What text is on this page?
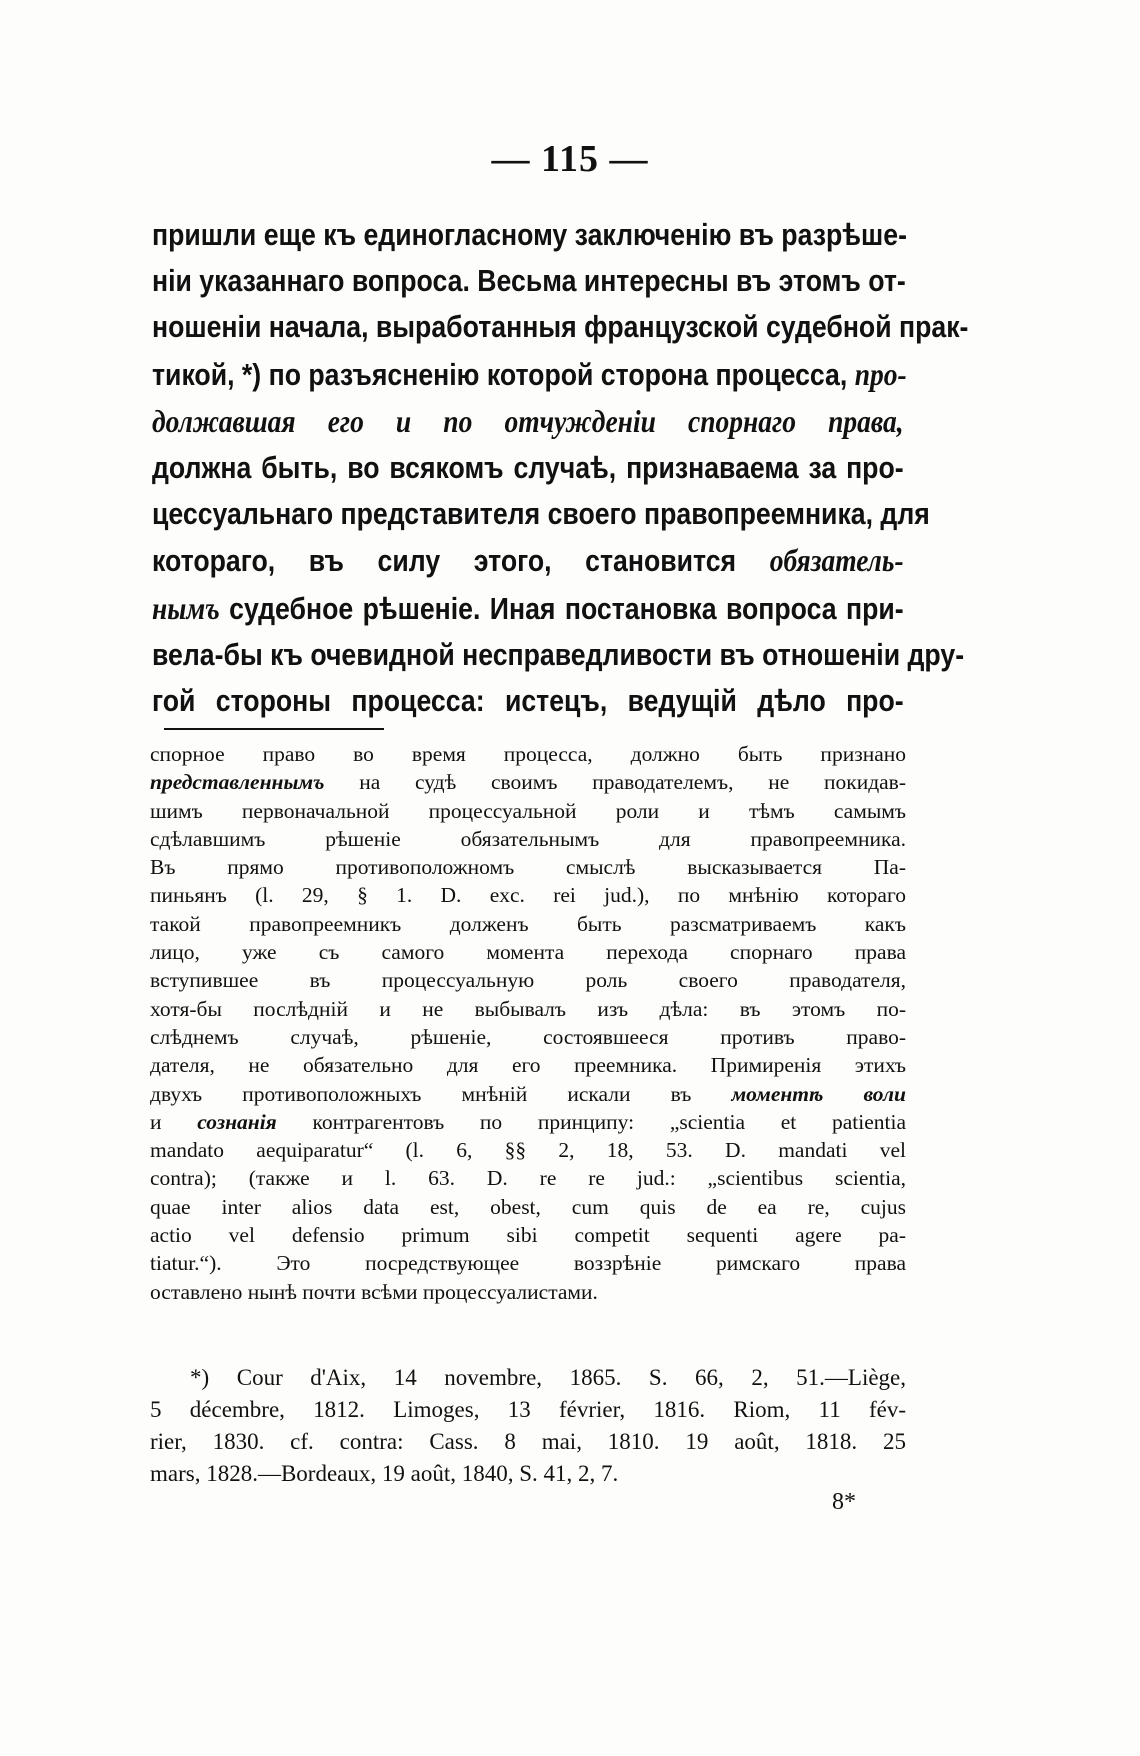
— 115 —
пришли еще къ единогласному заключенію въ разрѣше-
ніи указаннаго вопроса. Весьма интересны въ этомъ от-
ношеніи начала, выработанныя французской судебной прак-
тикой, *) по разъясненію которой сторона процесса, про-
должавшая его и по отчужденіи спорнаго права,
должна быть, во всякомъ случаѣ, признаваема за про-
цессуальнаго представителя своего правопреемника, для
котораго, въ силу этого, становится обязатель-
нымъ судебное рѣшеніе. Иная постановка вопроса при-
вела-бы къ очевидной несправедливости въ отношеніи дру-
гой стороны процесса: истецъ, ведущій дѣло про-
спорное право во время процесса, должно быть признано
представленнымъ на судѣ своимъ праводателемъ, не покидав-
шимъ первоначальной процессуальной роли и тѣмъ самымъ
сдѣлавшимъ рѣшеніе обязательнымъ для правопреемника.
Въ прямо противоположномъ смыслѣ высказывается Па-
пиньянъ (l. 29, § 1. D. exc. rei jud.), по мнѣнію котораго
такой правопреемникъ долженъ быть разсматриваемъ какъ
лицо, уже съ самого момента перехода спорнаго права
вступившее въ процессуальную роль своего праводателя,
хотя-бы послѣдній и не выбывалъ изъ дѣла: въ этомъ по-
слѣднемъ случаѣ, рѣшеніе, состоявшееся противъ право-
дателя, не обязательно для его преемника. Примиренія этихъ
двухъ противоположныхъ мнѣній искали въ моментѣ воли
и сознанія контрагентовъ по принципу: „scientia et patientia
mandato aequiparatur“ (l. 6, §§ 2, 18, 53. D. mandati vel
contra); (также и l. 63. D. re re jud.: „scientibus scientia,
quae inter alios data est, obest, cum quis de ea re, cujus
actio vel defensio primum sibi competit sequenti agere pa-
tiatur.“). Это посредствующее воззрѣніе римскаго права
оставлено нынѣ почти всѣми процессуалистами.
*) Cour d'Aix, 14 novembre, 1865. S. 66, 2, 51.—Liège,
5 décembre, 1812. Limoges, 13 février, 1816. Riom, 11 fév-
rier, 1830. cf. contra: Cass. 8 mai, 1810. 19 août, 1818. 25
mars, 1828.—Bordeaux, 19 août, 1840, S. 41, 2, 7.
8*
